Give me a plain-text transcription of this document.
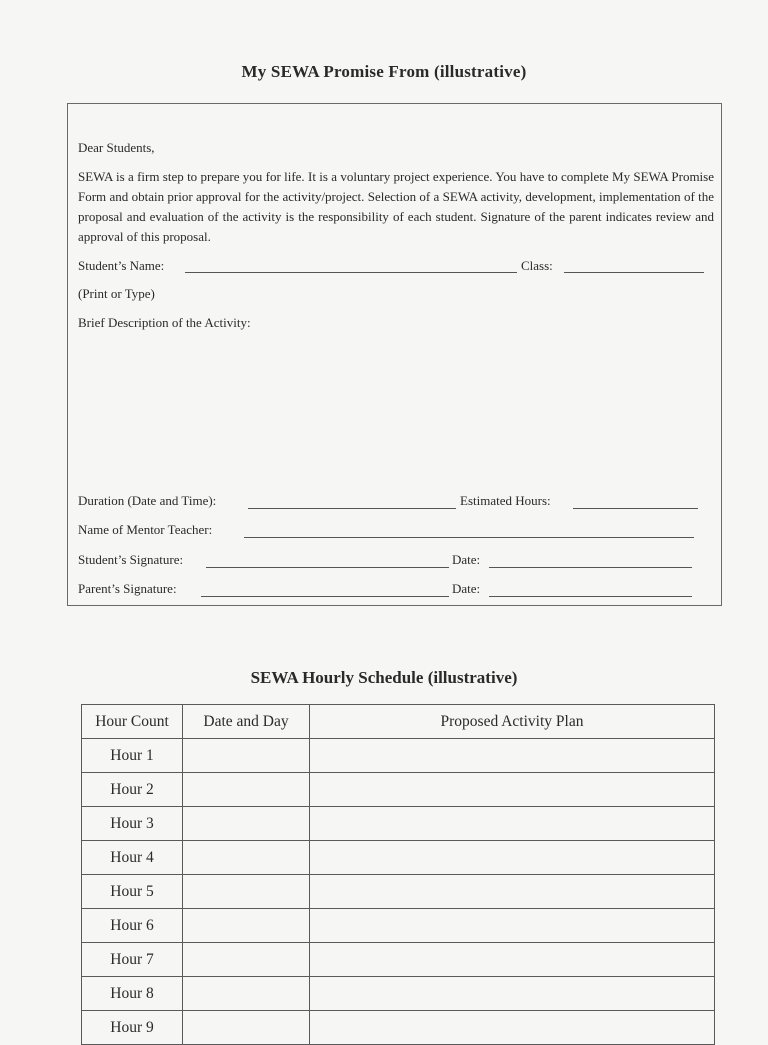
My SEWA Promise From (illustrative)
Dear Students,
SEWA is a firm step to prepare you for life. It is a voluntary project experience. You have to complete My SEWA Promise Form and obtain prior approval for the activity/project. Selection of a SEWA activity, development, implementation of the proposal and evaluation of the activity is the responsibility of each student. Signature of the parent indicates review and approval of this proposal.
Student’s Name:	Class:
(Print or Type)
Brief Description of the Activity:
Duration (Date and Time):	Estimated Hours:
Name of Mentor Teacher:
Student’s Signature:	Date:
Parent’s Signature:	Date:
SEWA Hourly Schedule (illustrative)
Hour Count	Date and Day	Proposed Activity Plan
Hour 1		
Hour 2		
Hour 3		
Hour 4		
Hour 5		
Hour 6		
Hour 7		
Hour 8		
Hour 9		
